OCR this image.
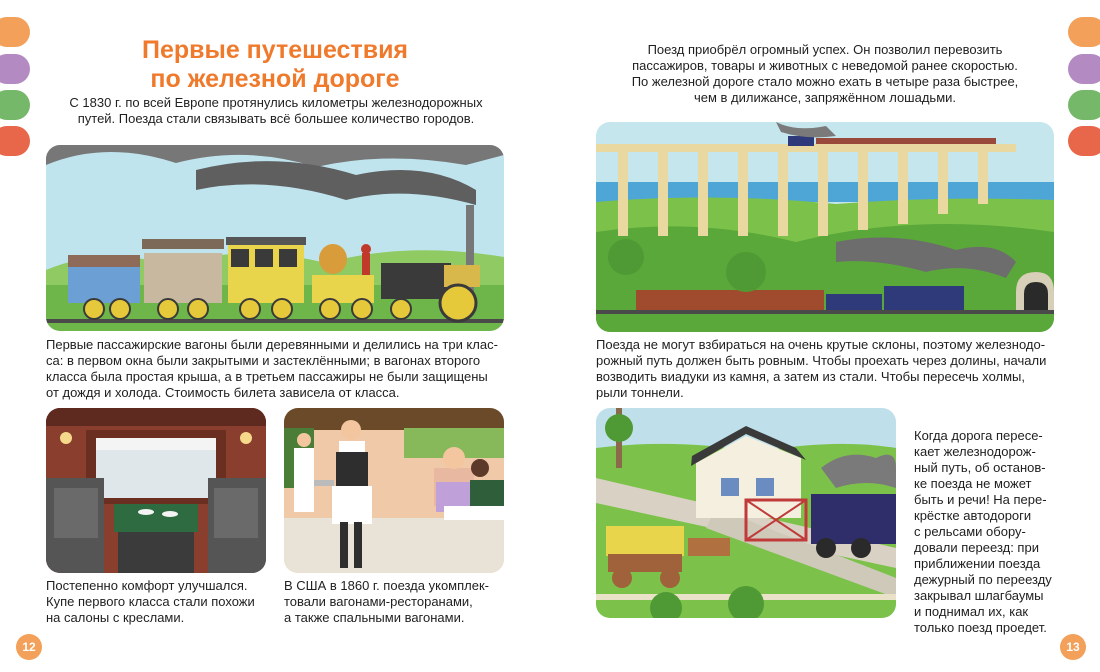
Первые путешествия
по железной дороге
С 1830 г. по всей Европе протянулись километры железнодорожных
путей. Поезда стали связывать всё большее количество городов.
Первые пассажирские вагоны были деревянными и делились на три клас-
са: в первом окна были закрытыми и застеклёнными; в вагонах второго
класса была простая крыша, а в третьем пассажиры не были защищены
от дождя и холода. Стоимость билета зависела от класса.
Постепенно комфорт улучшался.
Купе первого класса стали похожи
на салоны с креслами.
В США в 1860 г. поезда укомплек-
товали вагонами-ресторанами,
а также спальными вагонами.
12
Поезд приобрёл огромный успех. Он позволил перевозить
пассажиров, товары и животных с неведомой ранее скоростью.
По железной дороге стало можно ехать в четыре раза быстрее,
чем в дилижансе, запряжённом лошадьми.
Поезда не могут взбираться на очень крутые склоны, поэтому железнодо-
рожный путь должен быть ровным. Чтобы проехать через долины, начали
возводить виадуки из камня, а затем из стали. Чтобы пересечь холмы,
рыли тоннели.
Когда дорога пересе-
кает железнодорож-
ный путь, об останов-
ке поезда не может
быть и речи! На пере-
крёстке автодороги
с рельсами обору-
довали переезд: при
приближении поезда
дежурный по переезду
закрывал шлагбаумы
и поднимал их, как
только поезд проедет.
13
